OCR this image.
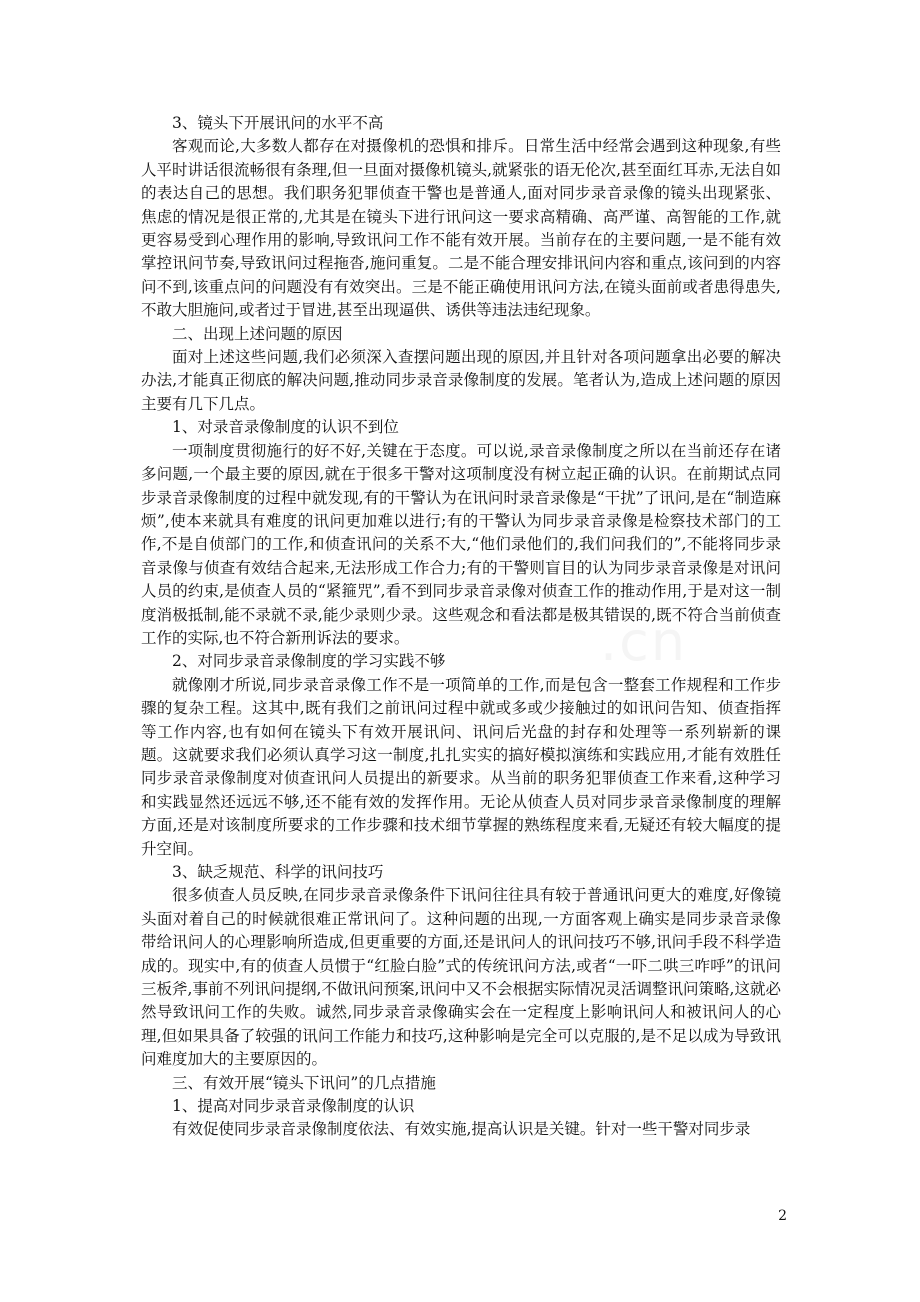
.cn

3、镜头下开展讯问的水平不高

客观而论,大多数人都存在对摄像机的恐惧和排斥。日常生活中经常会遇到这种现象,有些人平时讲话很流畅很有条理,但一旦面对摄像机镜头,就紧张的语无伦次,甚至面红耳赤,无法自如的表达自己的思想。我们职务犯罪侦查干警也是普通人,面对同步录音录像的镜头出现紧张、焦虑的情况是很正常的,尤其是在镜头下进行讯问这一要求高精确、高严谨、高智能的工作,就更容易受到心理作用的影响,导致讯问工作不能有效开展。当前存在的主要问题,一是不能有效掌控讯问节奏,导致讯问过程拖沓,施问重复。二是不能合理安排讯问内容和重点,该问到的内容问不到,该重点问的问题没有有效突出。三是不能正确使用讯问方法,在镜头面前或者患得患失,不敢大胆施问,或者过于冒进,甚至出现逼供、诱供等违法违纪现象。

二、出现上述问题的原因

面对上述这些问题,我们必须深入查摆问题出现的原因,并且针对各项问题拿出必要的解决办法,才能真正彻底的解决问题,推动同步录音录像制度的发展。笔者认为,造成上述问题的原因主要有几下几点。

1、对录音录像制度的认识不到位

一项制度贯彻施行的好不好,关键在于态度。可以说,录音录像制度之所以在当前还存在诸多问题,一个最主要的原因,就在于很多干警对这项制度没有树立起正确的认识。在前期试点同步录音录像制度的过程中就发现,有的干警认为在讯问时录音录像是“干扰”了讯问,是在“制造麻烦”,使本来就具有难度的讯问更加难以进行;有的干警认为同步录音录像是检察技术部门的工作,不是自侦部门的工作,和侦查讯问的关系不大,“他们录他们的,我们问我们的”,不能将同步录音录像与侦查有效结合起来,无法形成工作合力;有的干警则盲目的认为同步录音录像是对讯问人员的约束,是侦查人员的“紧箍咒”,看不到同步录音录像对侦查工作的推动作用,于是对这一制度消极抵制,能不录就不录,能少录则少录。这些观念和看法都是极其错误的,既不符合当前侦查工作的实际,也不符合新刑诉法的要求。

2、对同步录音录像制度的学习实践不够

就像刚才所说,同步录音录像工作不是一项简单的工作,而是包含一整套工作规程和工作步骤的复杂工程。这其中,既有我们之前讯问过程中就或多或少接触过的如讯问告知、侦查指挥等工作内容,也有如何在镜头下有效开展讯问、讯问后光盘的封存和处理等一系列崭新的课题。这就要求我们必须认真学习这一制度,扎扎实实的搞好模拟演练和实践应用,才能有效胜任同步录音录像制度对侦查讯问人员提出的新要求。从当前的职务犯罪侦查工作来看,这种学习和实践显然还远远不够,还不能有效的发挥作用。无论从侦查人员对同步录音录像制度的理解方面,还是对该制度所要求的工作步骤和技术细节掌握的熟练程度来看,无疑还有较大幅度的提升空间。

3、缺乏规范、科学的讯问技巧

很多侦查人员反映,在同步录音录像条件下讯问往往具有较于普通讯问更大的难度,好像镜头面对着自己的时候就很难正常讯问了。这种问题的出现,一方面客观上确实是同步录音录像带给讯问人的心理影响所造成,但更重要的方面,还是讯问人的讯问技巧不够,讯问手段不科学造成的。现实中,有的侦查人员惯于“红脸白脸”式的传统讯问方法,或者“一吓二哄三咋呼”的讯问三板斧,事前不列讯问提纲,不做讯问预案,讯问中又不会根据实际情况灵活调整讯问策略,这就必然导致讯问工作的失败。诚然,同步录音录像确实会在一定程度上影响讯问人和被讯问人的心理,但如果具备了较强的讯问工作能力和技巧,这种影响是完全可以克服的,是不足以成为导致讯问难度加大的主要原因的。

三、有效开展“镜头下讯问”的几点措施

1、提高对同步录音录像制度的认识

有效促使同步录音录像制度依法、有效实施,提高认识是关键。针对一些干警对同步录

2
